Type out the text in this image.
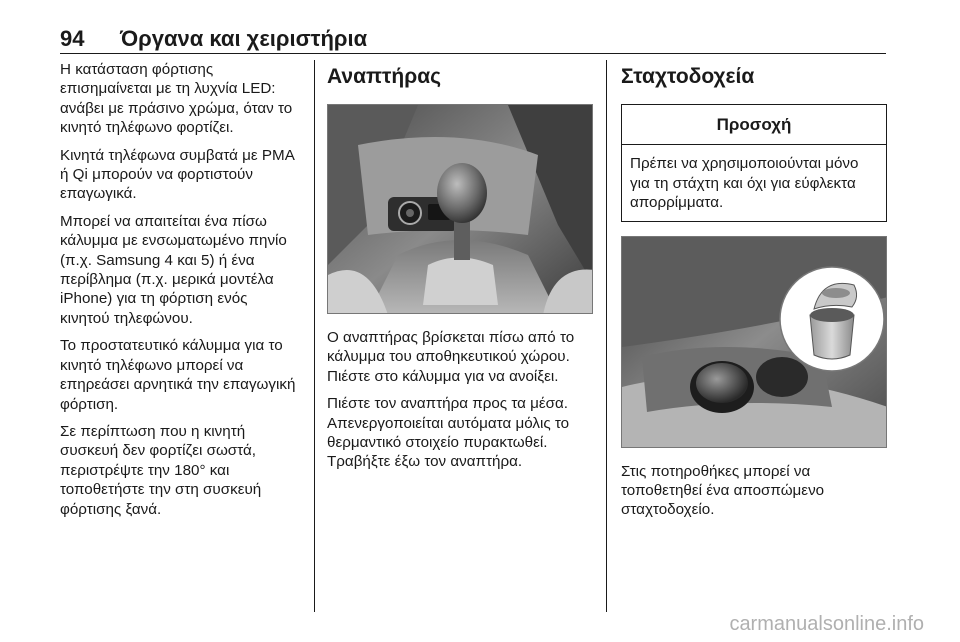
94 Όργανα και χειριστήρια

Η κατάσταση φόρτισης επισημαίνεται με τη λυχνία LED: ανάβει με πράσινο χρώμα, όταν το κινητό τηλέφωνο φορτίζει.

Κινητά τηλέφωνα συμβατά με PMA ή Qi μπορούν να φορτιστούν επαγωγικά.

Μπορεί να απαιτείται ένα πίσω κάλυμμα με ενσωματωμένο πηνίο (π.χ. Samsung 4 και 5) ή ένα περίβλημα (π.χ. μερικά μοντέλα iPhone) για τη φόρτιση ενός κινητού τηλεφώνου.

Το προστατευτικό κάλυμμα για το κινητό τηλέφωνο μπορεί να επηρεάσει αρνητικά την επαγωγική φόρτιση.

Σε περίπτωση που η κινητή συσκευή δεν φορτίζει σωστά, περιστρέψτε την 180° και τοποθετήστε την στη συσκευή φόρτισης ξανά.

Αναπτήρας

Ο αναπτήρας βρίσκεται πίσω από το κάλυμμα του αποθηκευτικού χώρου. Πιέστε στο κάλυμμα για να ανοίξει.

Πιέστε τον αναπτήρα προς τα μέσα. Απενεργοποιείται αυτόματα μόλις το θερμαντικό στοιχείο πυρακτωθεί. Τραβήξτε έξω τον αναπτήρα.

Σταχτοδοχεία
Προσοχή
Πρέπει να χρησιμοποιούνται μόνο για τη στάχτη και όχι για εύφλεκτα απορρίμματα.

Στις ποτηροθήκες μπορεί να τοποθετηθεί ένα αποσπώμενο σταχτοδοχείο.

carmanualsonline.info
